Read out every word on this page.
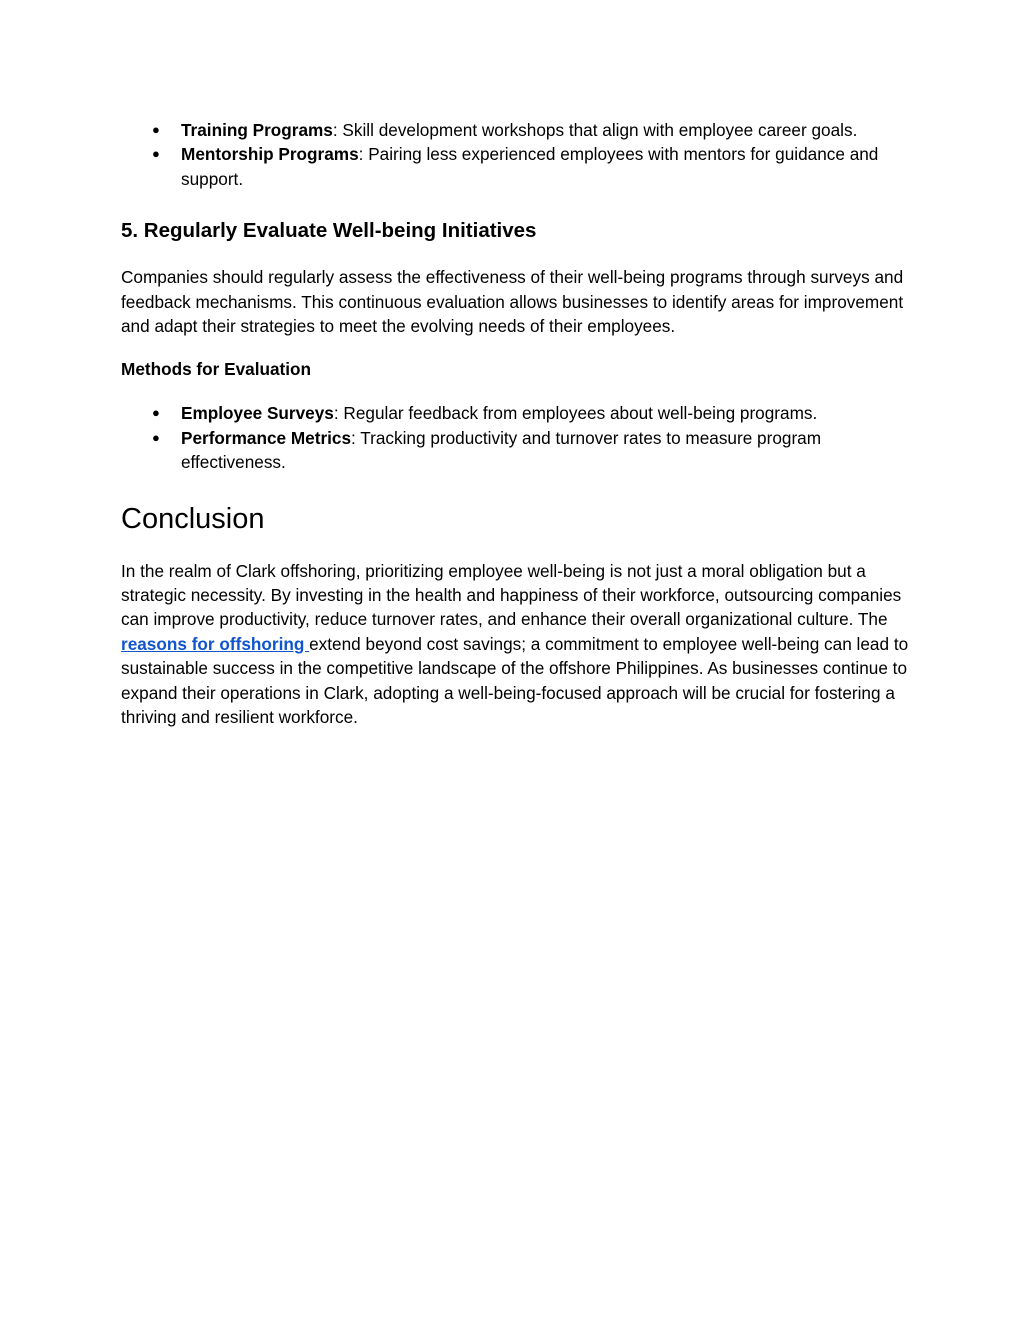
● Training Programs: Skill development workshops that align with employee career goals.
● Mentorship Programs: Pairing less experienced employees with mentors for guidance and support.
5. Regularly Evaluate Well-being Initiatives

Companies should regularly assess the effectiveness of their well-being programs through surveys and feedback mechanisms. This continuous evaluation allows businesses to identify areas for improvement and adapt their strategies to meet the evolving needs of their employees.

Methods for Evaluation
● Employee Surveys: Regular feedback from employees about well-being programs.
● Performance Metrics: Tracking productivity and turnover rates to measure program effectiveness.
Conclusion

In the realm of Clark offshoring, prioritizing employee well-being is not just a moral obligation but a strategic necessity. By investing in the health and happiness of their workforce, outsourcing companies can improve productivity, reduce turnover rates, and enhance their overall organizational culture. The reasons for offshoring extend beyond cost savings; a commitment to employee well-being can lead to sustainable success in the competitive landscape of the offshore Philippines. As businesses continue to expand their operations in Clark, adopting a well-being-focused approach will be crucial for fostering a thriving and resilient workforce.
